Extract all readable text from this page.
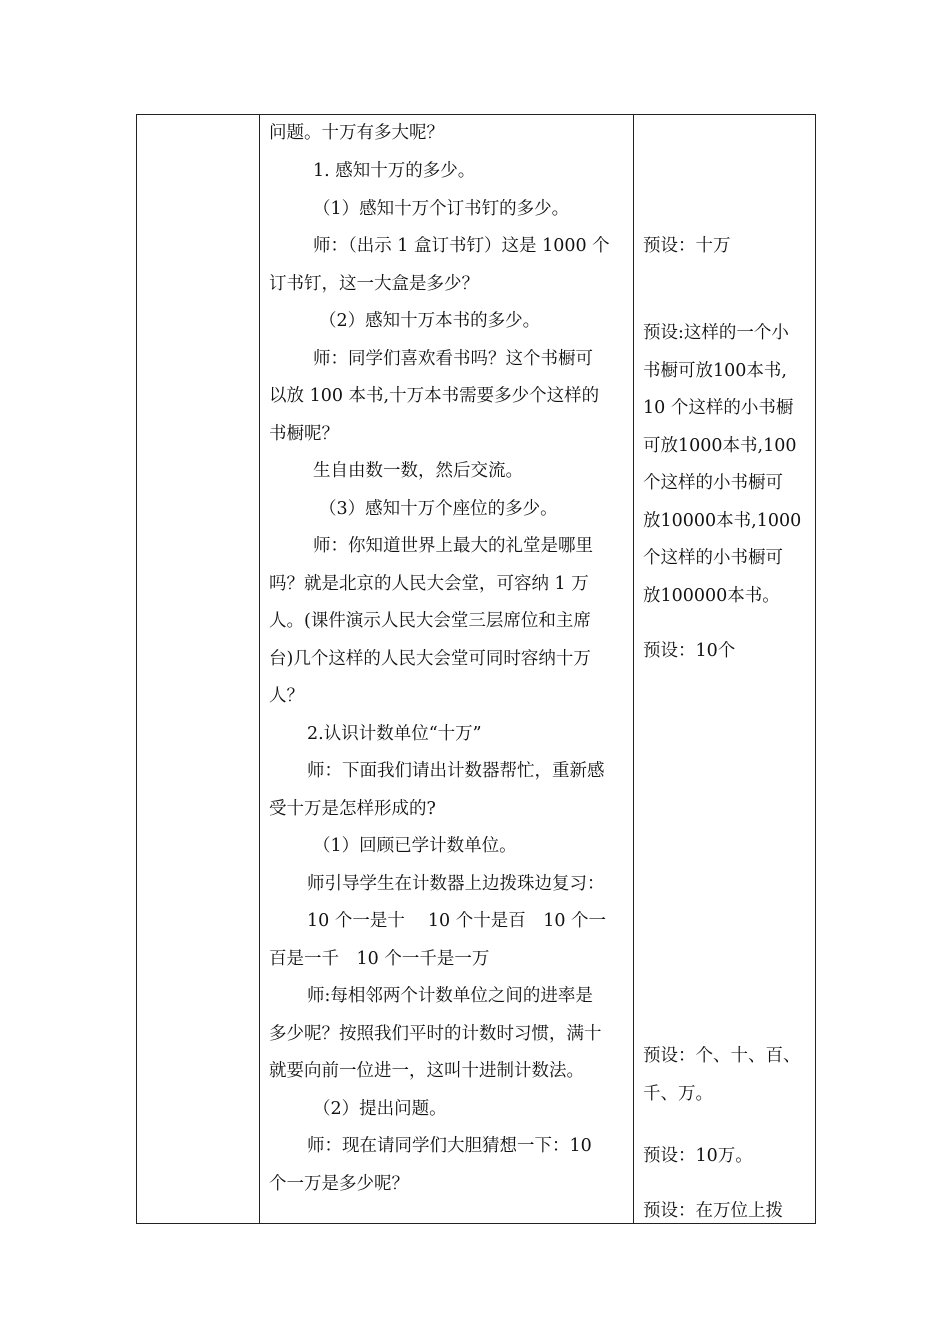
问题。十万有多大呢？
1. 感知十万的多少。
（1）感知十万个订书钉的多少。
师：（出示 1 盒订书钉）这是 1000 个
订书钉，这一大盒是多少？
（2）感知十万本书的多少。
师：同学们喜欢看书吗？这个书橱可
以放 100 本书,十万本书需要多少个这样的
书橱呢？
生自由数一数，然后交流。
（3）感知十万个座位的多少。
师：你知道世界上最大的礼堂是哪里
吗？就是北京的人民大会堂，可容纳 1 万
人。(课件演示人民大会堂三层席位和主席
台)几个这样的人民大会堂可同时容纳十万
人？
2.认识计数单位“十万”
师：下面我们请出计数器帮忙，重新感
受十万是怎样形成的?
（1）回顾已学计数单位。
师引导学生在计数器上边拨珠边复习：
10 个一是十　 10 个十是百　10 个一
百是一千　10 个一千是一万
师:每相邻两个计数单位之间的进率是
多少呢？按照我们平时的计数时习惯，满十
就要向前一位进一，这叫十进制计数法。
（2）提出问题。
师：现在请同学们大胆猜想一下：10
个一万是多少呢？
预设：十万
预设:这样的一个小
书橱可放100本书,
10 个这样的小书橱
可放1000本书,100
个这样的小书橱可
放10000本书,1000
个这样的小书橱可
放100000本书。
预设：10个
预设：个、十、百、
千、万。
预设：10万。
预设：在万位上拨
